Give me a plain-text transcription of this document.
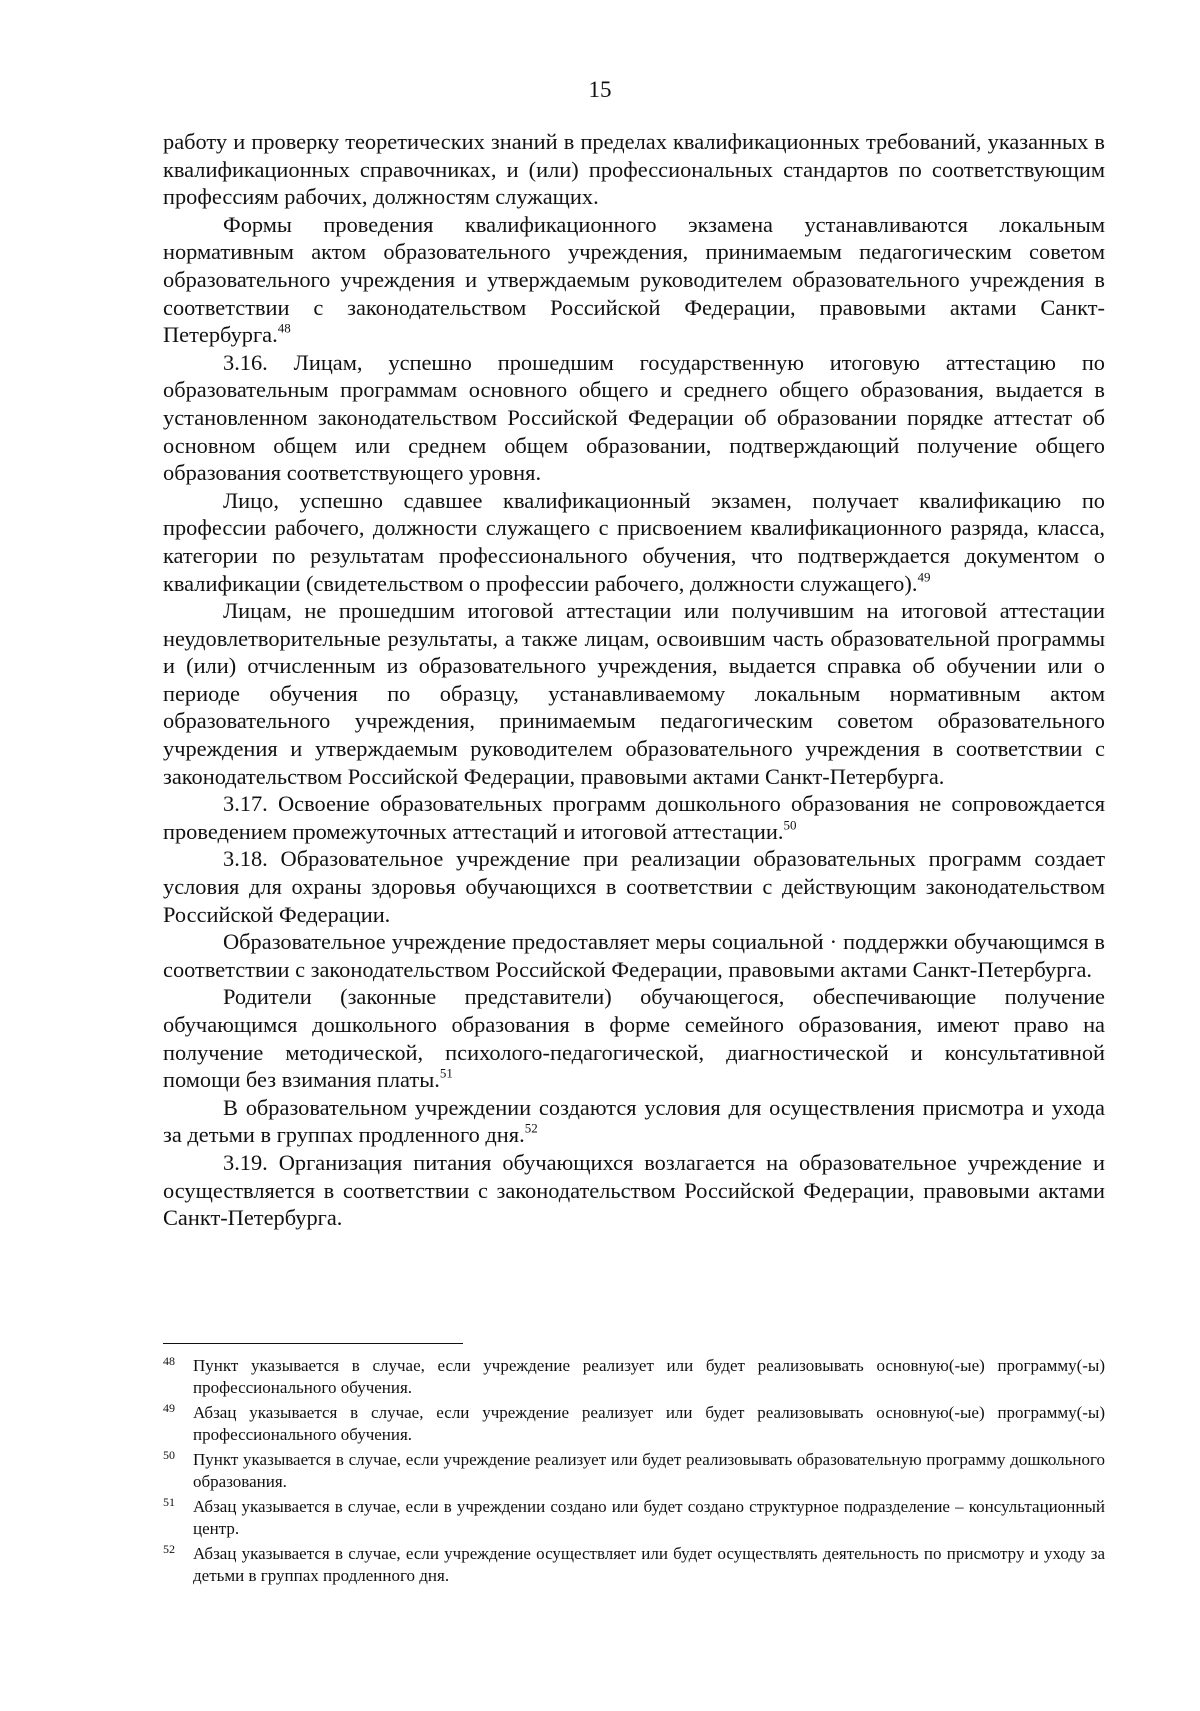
15

работу и проверку теоретических знаний в пределах квалификационных требований, указанных в квалификационных справочниках, и (или) профессиональных стандартов по соответствующим профессиям рабочих, должностям служащих.

Формы проведения квалификационного экзамена устанавливаются локальным нормативным актом образовательного учреждения, принимаемым педагогическим советом образовательного учреждения и утверждаемым руководителем образовательного учреждения в соответствии с законодательством Российской Федерации, правовыми актами Санкт-Петербурга.$^{48}$

3.16. Лицам, успешно прошедшим государственную итоговую аттестацию по образовательным программам основного общего и среднего общего образования, выдается в установленном законодательством Российской Федерации об образовании порядке аттестат об основном общем или среднем общем образовании, подтверждающий получение общего образования соответствующего уровня.

Лицо, успешно сдавшее квалификационный экзамен, получает квалификацию по профессии рабочего, должности служащего с присвоением квалификационного разряда, класса, категории по результатам профессионального обучения, что подтверждается документом о квалификации (свидетельством о профессии рабочего, должности служащего).$^{49}$

Лицам, не прошедшим итоговой аттестации или получившим на итоговой аттестации неудовлетворительные результаты, а также лицам, освоившим часть образовательной программы и (или) отчисленным из образовательного учреждения, выдается справка об обучении или о периоде обучения по образцу, устанавливаемому локальным нормативным актом образовательного учреждения, принимаемым педагогическим советом образовательного учреждения и утверждаемым руководителем образовательного учреждения в соответствии с законодательством Российской Федерации, правовыми актами Санкт-Петербурга.

3.17. Освоение образовательных программ дошкольного образования не сопровождается проведением промежуточных аттестаций и итоговой аттестации.$^{50}$

3.18. Образовательное учреждение при реализации образовательных программ создает условия для охраны здоровья обучающихся в соответствии с действующим законодательством Российской Федерации.

Образовательное учреждение предоставляет меры социальной · поддержки обучающимся в соответствии с законодательством Российской Федерации, правовыми актами Санкт-Петербурга.

Родители (законные представители) обучающегося, обеспечивающие получение обучающимся дошкольного образования в форме семейного образования, имеют право на получение методической, психолого-педагогической, диагностической и консультативной помощи без взимания платы.$^{51}$

В образовательном учреждении создаются условия для осуществления присмотра и ухода за детьми в группах продленного дня.$^{52}$

3.19. Организация питания обучающихся возлагается на образовательное учреждение и осуществляется в соответствии с законодательством Российской Федерации, правовыми актами Санкт-Петербурга.

48 Пункт указывается в случае, если учреждение реализует или будет реализовывать основную(-ые) программу(-ы) профессионального обучения.
49 Абзац указывается в случае, если учреждение реализует или будет реализовывать основную(-ые) программу(-ы) профессионального обучения.
50 Пункт указывается в случае, если учреждение реализует или будет реализовывать образовательную программу дошкольного образования.
51 Абзац указывается в случае, если в учреждении создано или будет создано структурное подразделение – консультационный центр.
52 Абзац указывается в случае, если учреждение осуществляет или будет осуществлять деятельность по присмотру и уходу за детьми в группах продленного дня.
